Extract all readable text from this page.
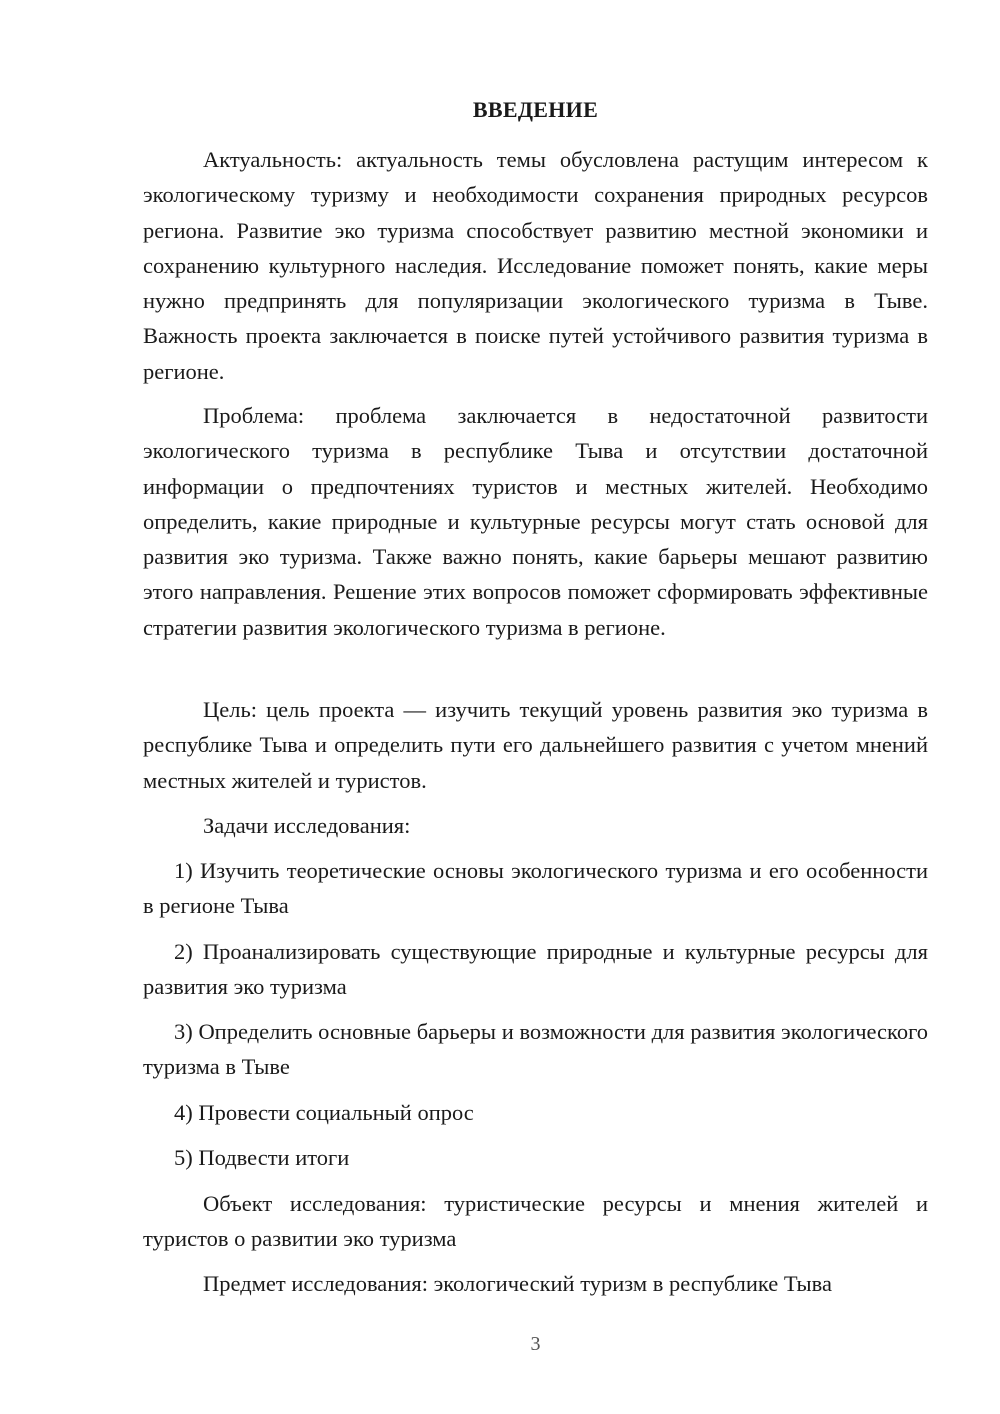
ВВЕДЕНИЕ

Актуальность: актуальность темы обусловлена растущим интересом к экологическому туризму и необходимости сохранения природных ресурсов региона. Развитие эко туризма способствует развитию местной экономики и сохранению культурного наследия. Исследование поможет понять, какие меры нужно предпринять для популяризации экологического туризма в Тыве. Важность проекта заключается в поиске путей устойчивого развития туризма в регионе.

Проблема: проблема заключается в недостаточной развитости экологического туризма в республике Тыва и отсутствии достаточной информации о предпочтениях туристов и местных жителей. Необходимо определить, какие природные и культурные ресурсы могут стать основой для развития эко туризма. Также важно понять, какие барьеры мешают развитию этого направления. Решение этих вопросов поможет сформировать эффективные стратегии развития экологического туризма в регионе.

Цель: цель проекта — изучить текущий уровень развития эко туризма в республике Тыва и определить пути его дальнейшего развития с учетом мнений местных жителей и туристов.

Задачи исследования:

1) Изучить теоретические основы экологического туризма и его особенности в регионе Тыва

2) Проанализировать существующие природные и культурные ресурсы для развития эко туризма

3) Определить основные барьеры и возможности для развития экологического туризма в Тыве

4) Провести социальный опрос

5) Подвести итоги

Объект исследования: туристические ресурсы и мнения жителей и туристов о развитии эко туризма

Предмет исследования: экологический туризм в республике Тыва

3
